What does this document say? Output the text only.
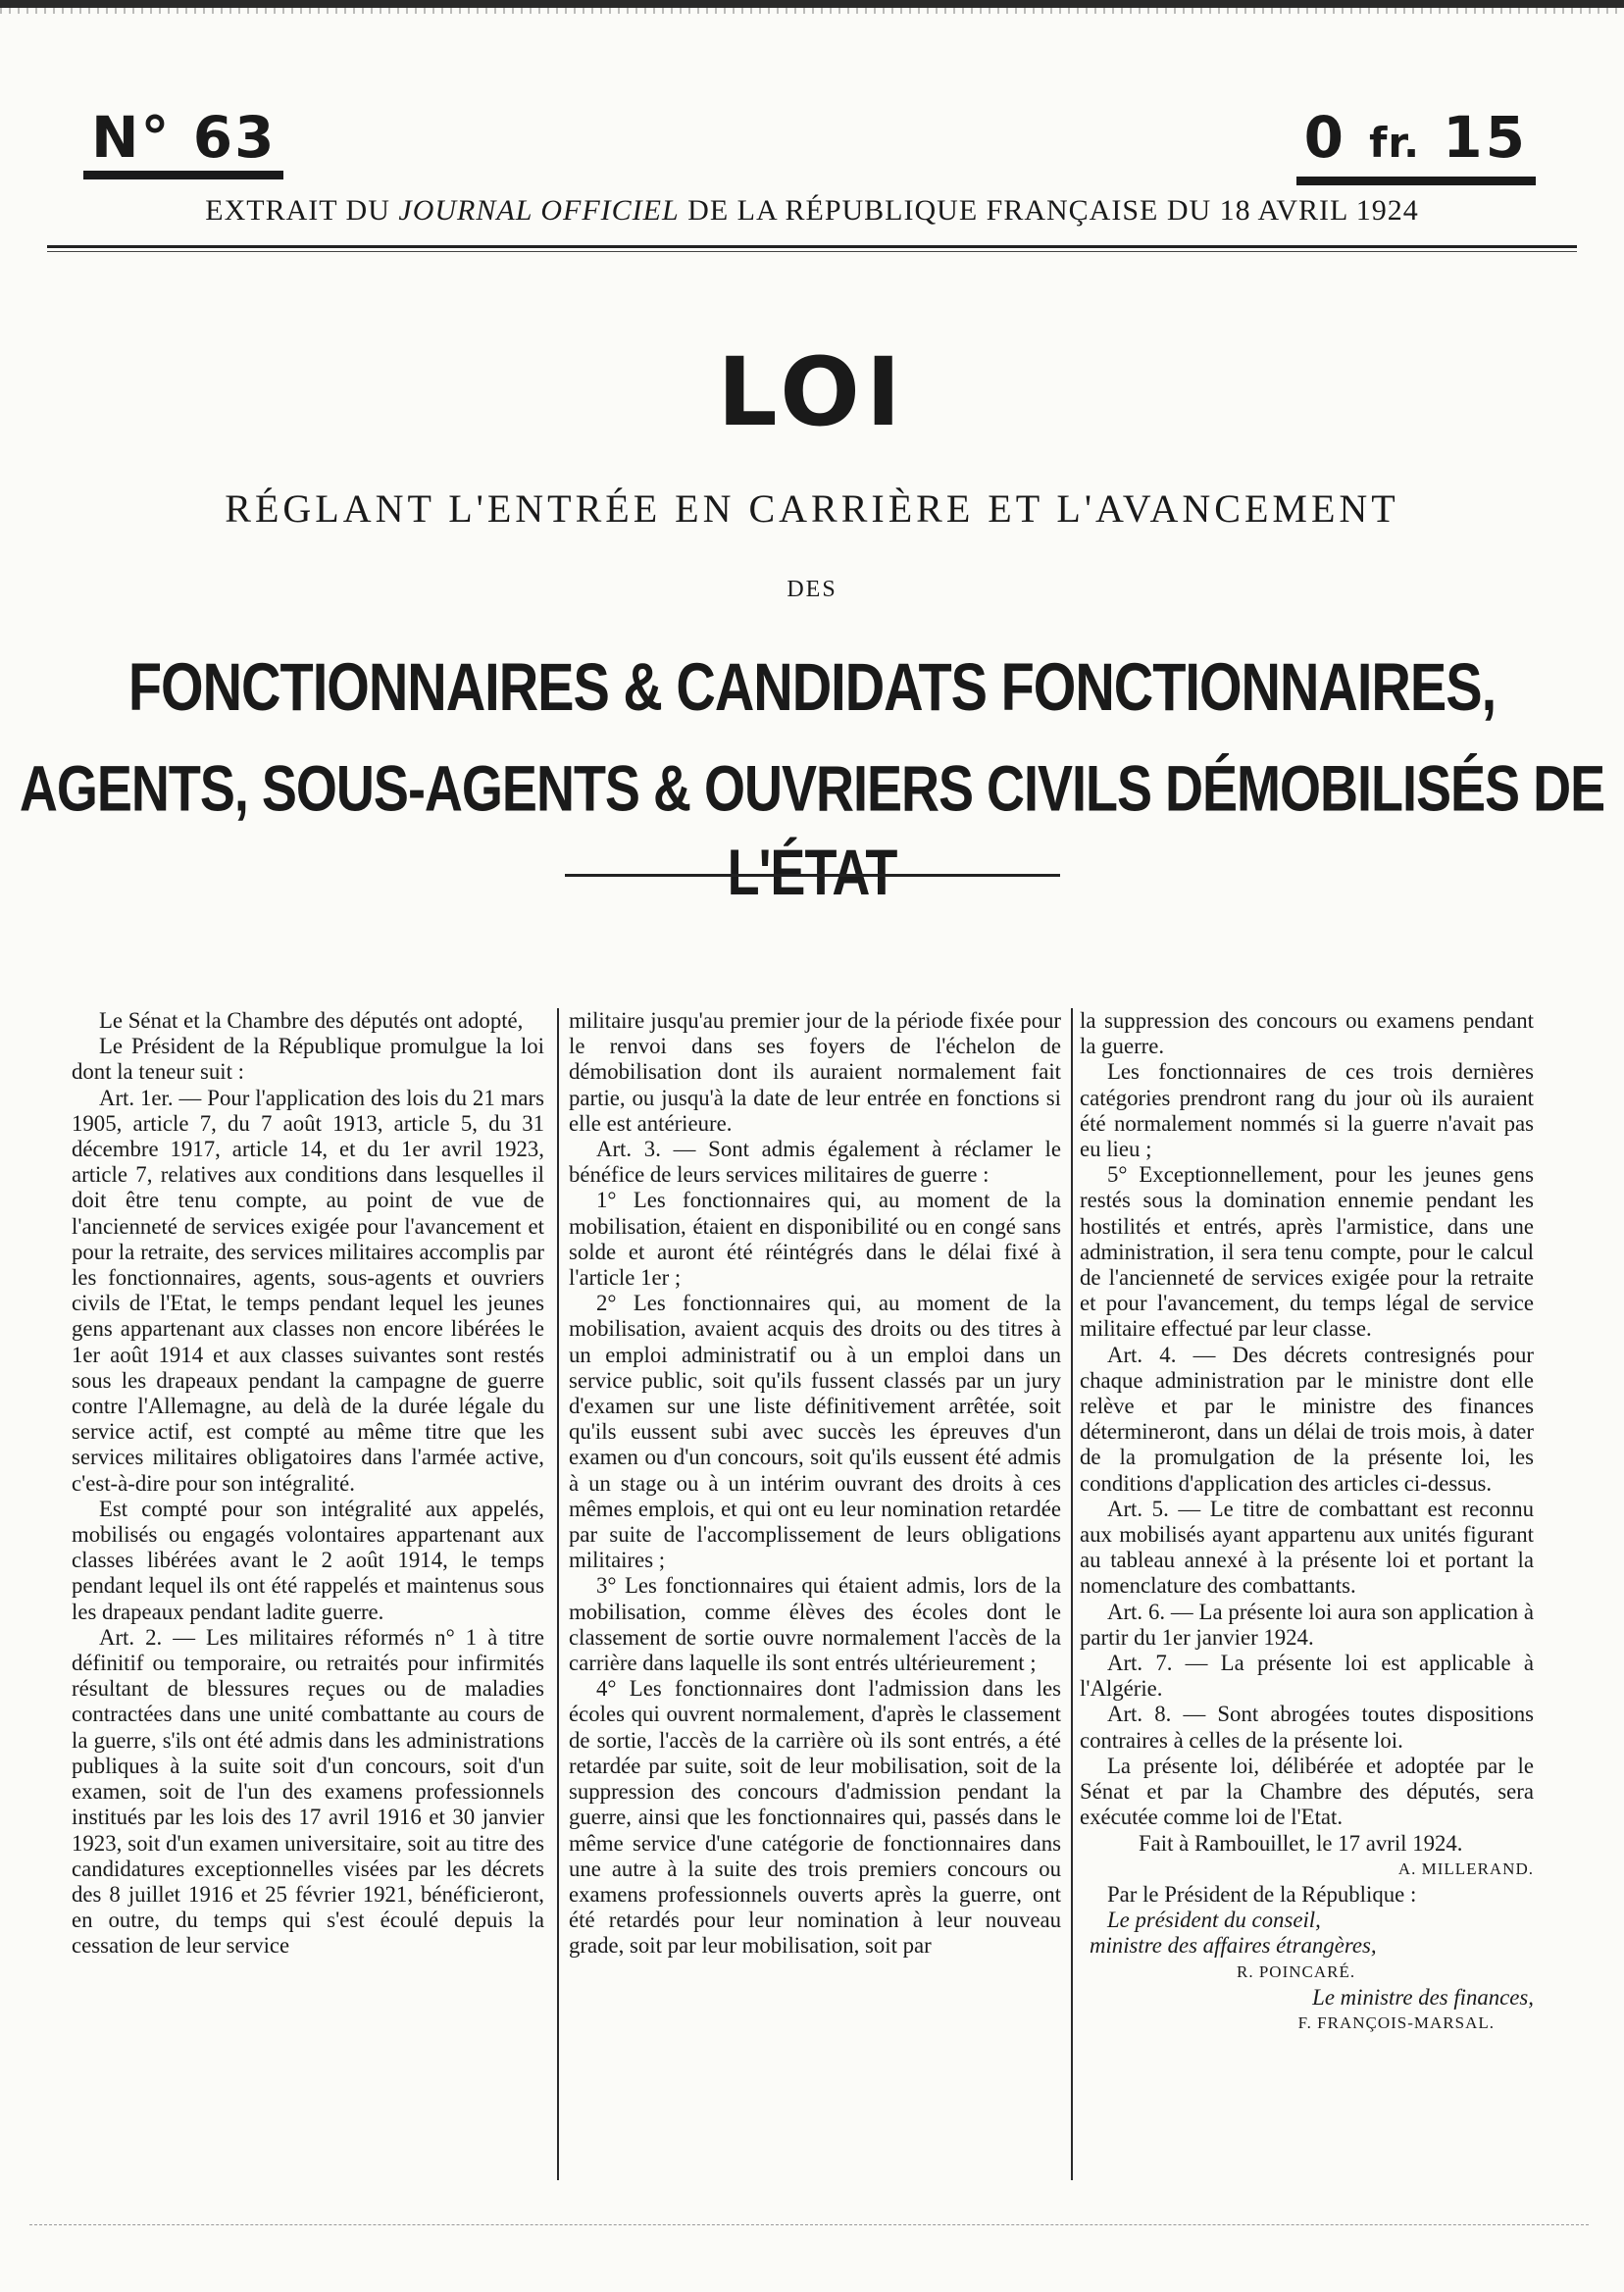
N° 63	0 fr. 15
EXTRAIT DU JOURNAL OFFICIEL DE LA RÉPUBLIQUE FRANÇAISE DU 18 AVRIL 1924
LOI
RÉGLANT L'ENTRÉE EN CARRIÈRE ET L'AVANCEMENT
DES
FONCTIONNAIRES & CANDIDATS FONCTIONNAIRES,
AGENTS, SOUS-AGENTS & OUVRIERS CIVILS DÉMOBILISÉS DE L'ÉTAT

Le Sénat et la Chambre des députés ont adopté,

Le Président de la République promulgue la loi dont la teneur suit :

Art. 1er. — Pour l'application des lois du 21 mars 1905, article 7, du 7 août 1913, article 5, du 31 décembre 1917, article 14, et du 1er avril 1923, article 7, relatives aux conditions dans lesquelles il doit être tenu compte, au point de vue de l'ancienneté de services exigée pour l'avancement et pour la retraite, des services militaires accomplis par les fonctionnaires, agents, sous-agents et ouvriers civils de l'Etat, le temps pendant lequel les jeunes gens appartenant aux classes non encore libérées le 1er août 1914 et aux classes suivantes sont restés sous les drapeaux pendant la campagne de guerre contre l'Allemagne, au delà de la durée légale du service actif, est compté au même titre que les services militaires obligatoires dans l'armée active, c'est-à-dire pour son intégralité.

Est compté pour son intégralité aux appelés, mobilisés ou engagés volontaires appartenant aux classes libérées avant le 2 août 1914, le temps pendant lequel ils ont été rappelés et maintenus sous les drapeaux pendant ladite guerre.

Art. 2. — Les militaires réformés n° 1 à titre définitif ou temporaire, ou retraités pour infirmités résultant de blessures reçues ou de maladies contractées dans une unité combattante au cours de la guerre, s'ils ont été admis dans les administrations publiques à la suite soit d'un concours, soit d'un examen, soit de l'un des examens professionnels institués par les lois des 17 avril 1916 et 30 janvier 1923, soit d'un examen universitaire, soit au titre des candidatures exceptionnelles visées par les décrets des 8 juillet 1916 et 25 février 1921, bénéficieront, en outre, du temps qui s'est écoulé depuis la cessation de leur service

militaire jusqu'au premier jour de la période fixée pour le renvoi dans ses foyers de l'échelon de démobilisation dont ils auraient normalement fait partie, ou jusqu'à la date de leur entrée en fonctions si elle est antérieure.

Art. 3. — Sont admis également à réclamer le bénéfice de leurs services militaires de guerre :

1° Les fonctionnaires qui, au moment de la mobilisation, étaient en disponibilité ou en congé sans solde et auront été réintégrés dans le délai fixé à l'article 1er ;

2° Les fonctionnaires qui, au moment de la mobilisation, avaient acquis des droits ou des titres à un emploi administratif ou à un emploi dans un service public, soit qu'ils fussent classés par un jury d'examen sur une liste définitivement arrêtée, soit qu'ils eussent subi avec succès les épreuves d'un examen ou d'un concours, soit qu'ils eussent été admis à un stage ou à un intérim ouvrant des droits à ces mêmes emplois, et qui ont eu leur nomination retardée par suite de l'accomplissement de leurs obligations militaires ;

3° Les fonctionnaires qui étaient admis, lors de la mobilisation, comme élèves des écoles dont le classement de sortie ouvre normalement l'accès de la carrière dans laquelle ils sont entrés ultérieurement ;

4° Les fonctionnaires dont l'admission dans les écoles qui ouvrent normalement, d'après le classement de sortie, l'accès de la carrière où ils sont entrés, a été retardée par suite, soit de leur mobilisation, soit de la suppression des concours d'admission pendant la guerre, ainsi que les fonctionnaires qui, passés dans le même service d'une catégorie de fonctionnaires dans une autre à la suite des trois premiers concours ou examens professionnels ouverts après la guerre, ont été retardés pour leur nomination à leur nouveau grade, soit par leur mobilisation, soit par

la suppression des concours ou examens pendant la guerre.

Les fonctionnaires de ces trois dernières catégories prendront rang du jour où ils auraient été normalement nommés si la guerre n'avait pas eu lieu ;

5° Exceptionnellement, pour les jeunes gens restés sous la domination ennemie pendant les hostilités et entrés, après l'armistice, dans une administration, il sera tenu compte, pour le calcul de l'ancienneté de services exigée pour la retraite et pour l'avancement, du temps légal de service militaire effectué par leur classe.

Art. 4. — Des décrets contresignés pour chaque administration par le ministre dont elle relève et par le ministre des finances détermineront, dans un délai de trois mois, à dater de la promulgation de la présente loi, les conditions d'application des articles ci-dessus.

Art. 5. — Le titre de combattant est reconnu aux mobilisés ayant appartenu aux unités figurant au tableau annexé à la présente loi et portant la nomenclature des combattants.

Art. 6. — La présente loi aura son application à partir du 1er janvier 1924.

Art. 7. — La présente loi est applicable à l'Algérie.

Art. 8. — Sont abrogées toutes dispositions contraires à celles de la présente loi.

La présente loi, délibérée et adoptée par le Sénat et par la Chambre des députés, sera exécutée comme loi de l'Etat.

Fait à Rambouillet, le 17 avril 1924.

A. MILLERAND.

Par le Président de la République :

Le président du conseil,

ministre des affaires étrangères,

R. POINCARÉ.

Le ministre des finances,

F. FRANÇOIS-MARSAL.
